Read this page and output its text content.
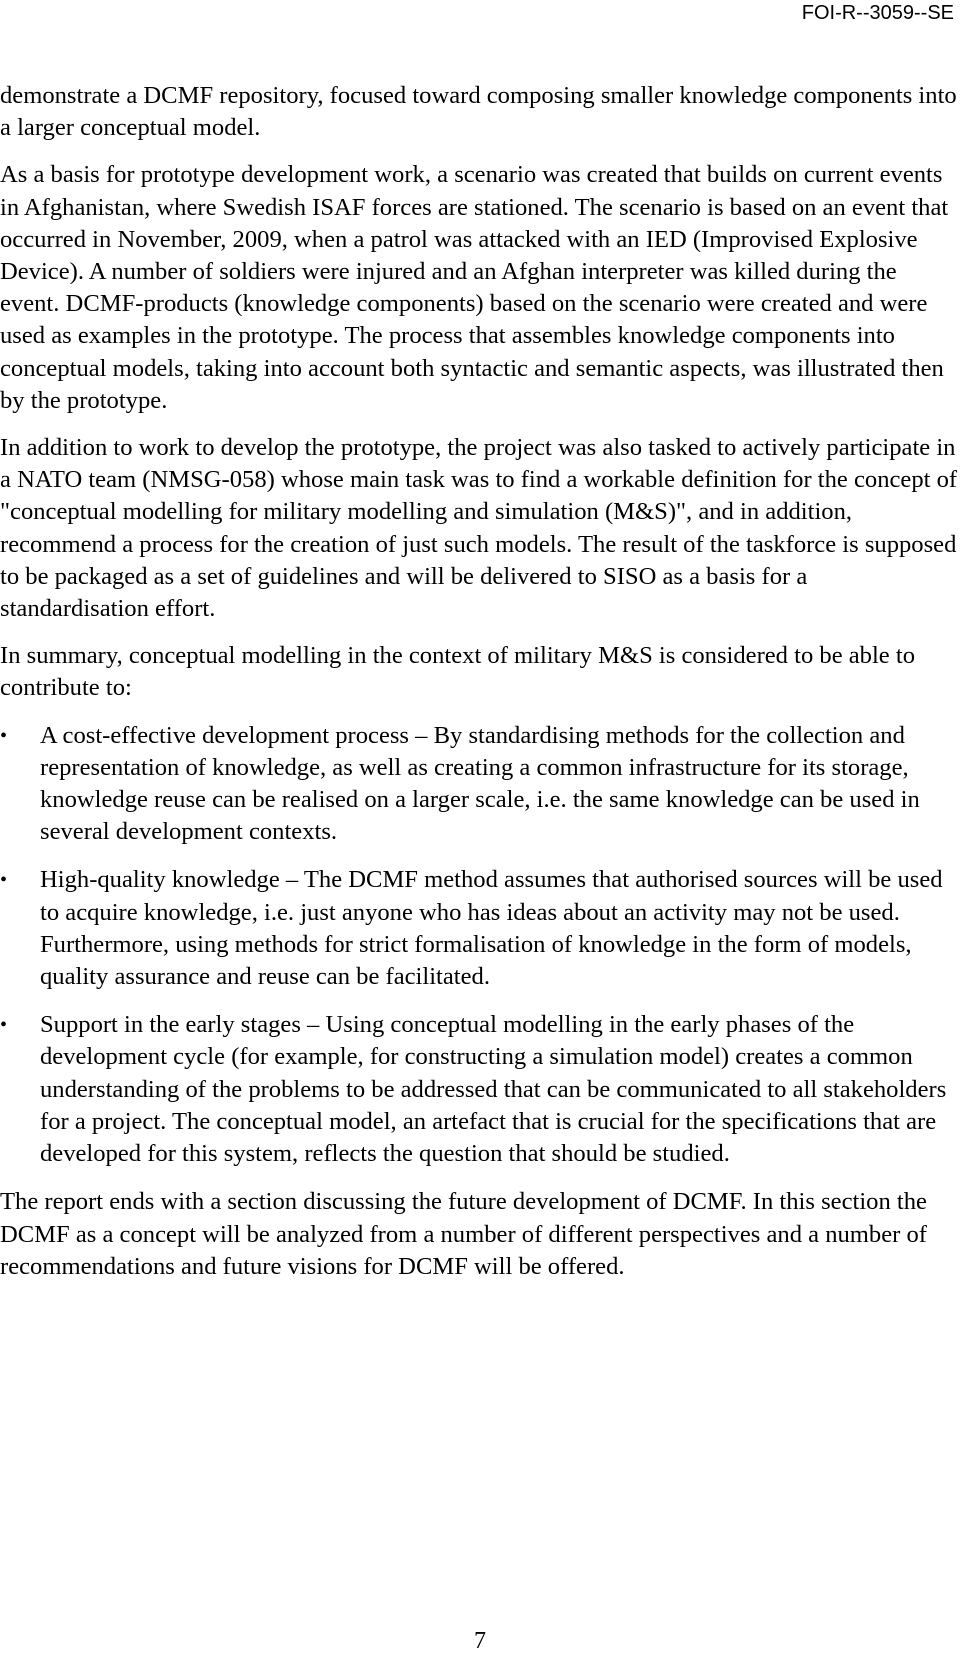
FOI-R--3059--SE

demonstrate a DCMF repository, focused toward composing smaller knowledge components into a larger conceptual model.

As a basis for prototype development work, a scenario was created that builds on current events in Afghanistan, where Swedish ISAF forces are stationed. The scenario is based on an event that occurred in November, 2009, when a patrol was attacked with an IED (Improvised Explosive Device). A number of soldiers were injured and an Afghan interpreter was killed during the event. DCMF-products (knowledge components) based on the scenario were created and were used as examples in the prototype. The process that assembles knowledge components into conceptual models, taking into account both syntactic and semantic aspects, was illustrated then by the prototype.

In addition to work to develop the prototype, the project was also tasked to actively participate in a NATO team (NMSG-058) whose main task was to find a workable definition for the concept of "conceptual modelling for military modelling and simulation (M&S)", and in addition, recommend a process for the creation of just such models. The result of the taskforce is supposed to be packaged as a set of guidelines and will be delivered to SISO as a basis for a standardisation effort.

In summary, conceptual modelling in the context of military M&S is considered to be able to contribute to:

• A cost-effective development process – By standardising methods for the collection and representation of knowledge, as well as creating a common infrastructure for its storage, knowledge reuse can be realised on a larger scale, i.e. the same knowledge can be used in several development contexts.
• High-quality knowledge – The DCMF method assumes that authorised sources will be used to acquire knowledge, i.e. just anyone who has ideas about an activity may not be used. Furthermore, using methods for strict formalisation of knowledge in the form of models, quality assurance and reuse can be facilitated.
• Support in the early stages – Using conceptual modelling in the early phases of the development cycle (for example, for constructing a simulation model) creates a common understanding of the problems to be addressed that can be communicated to all stakeholders for a project. The conceptual model, an artefact that is crucial for the specifications that are developed for this system, reflects the question that should be studied.

The report ends with a section discussing the future development of DCMF. In this section the DCMF as a concept will be analyzed from a number of different perspectives and a number of recommendations and future visions for DCMF will be offered.

7
